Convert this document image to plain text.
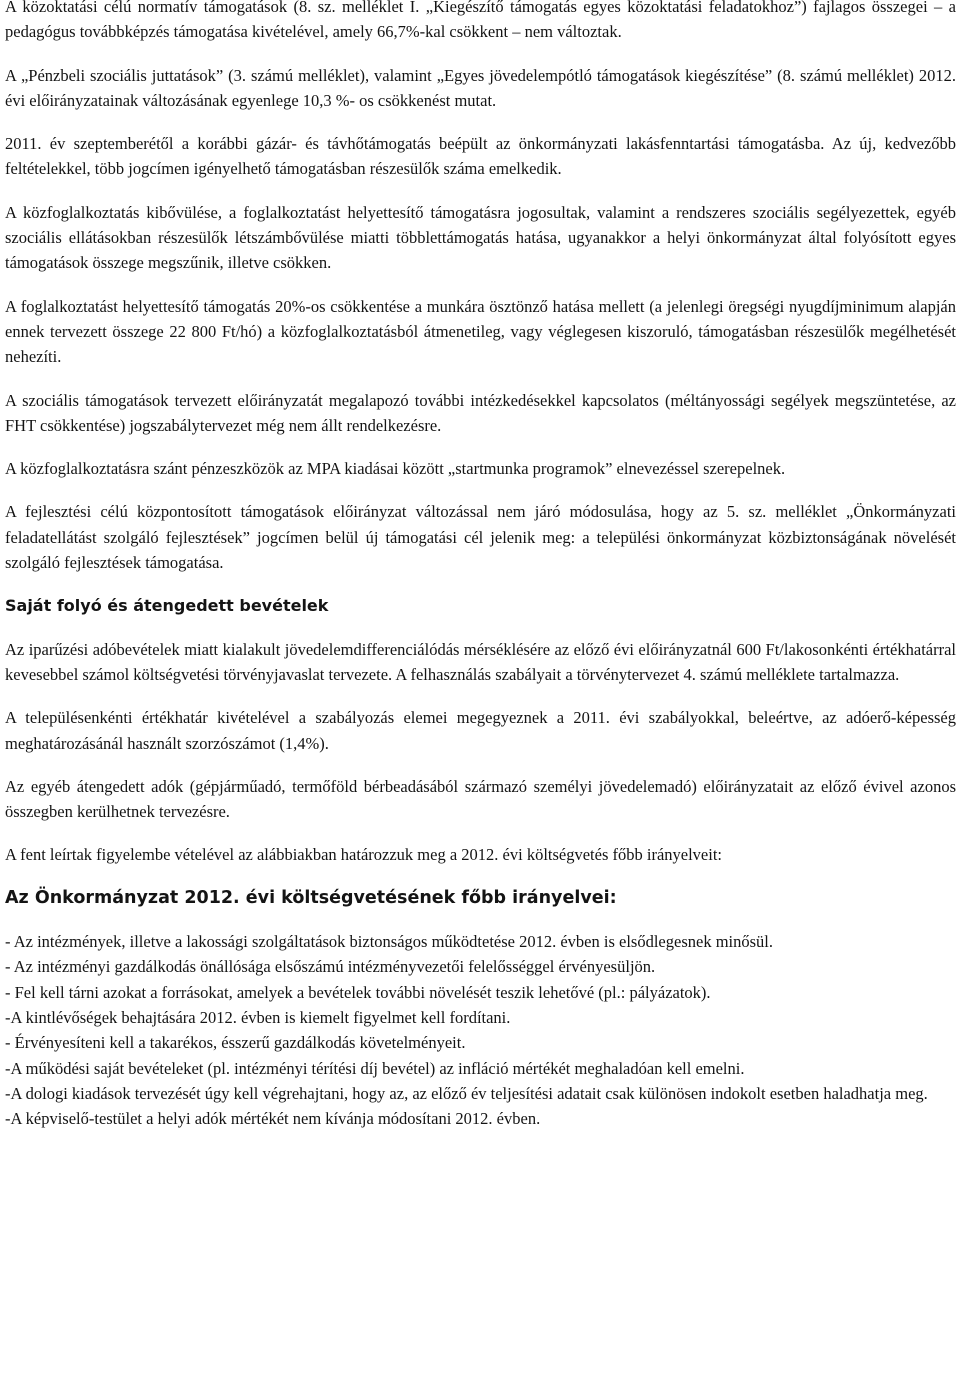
A közoktatási célú normatív támogatások (8. sz. melléklet I. „Kiegészítő támogatás egyes közoktatási feladatokhoz”) fajlagos összegei – a pedagógus továbbképzés támogatása kivételével, amely 66,7%-kal csökkent – nem változtak.

A „Pénzbeli szociális juttatások” (3. számú melléklet), valamint „Egyes jövedelempótló támogatások kiegészítése” (8. számú melléklet) 2012. évi előirányzatainak változásának egyenlege 10,3 %- os csökkenést mutat.

2011. év szeptemberétől a korábbi gázár- és távhőtámogatás beépült az önkormányzati lakásfenntartási támogatásba. Az új, kedvezőbb feltételekkel, több jogcímen igényelhető támogatásban részesülők száma emelkedik.

A közfoglalkoztatás kibővülése, a foglalkoztatást helyettesítő támogatásra jogosultak, valamint a rendszeres szociális segélyezettek, egyéb szociális ellátásokban részesülők létszámbővülése miatti többlettámogatás hatása, ugyanakkor a helyi önkormányzat által folyósított egyes támogatások összege megszűnik, illetve csökken.

A foglalkoztatást helyettesítő támogatás 20%-os csökkentése a munkára ösztönző hatása mellett (a jelenlegi öregségi nyugdíjminimum alapján ennek tervezett összege 22 800 Ft/hó) a közfoglalkoztatásból átmenetileg, vagy véglegesen kiszoruló, támogatásban részesülők megélhetését nehezíti.

A szociális támogatások tervezett előirányzatát megalapozó további intézkedésekkel kapcsolatos (méltányossági segélyek megszüntetése, az FHT csökkentése) jogszabálytervezet még nem állt rendelkezésre.

A közfoglalkoztatásra szánt pénzeszközök az MPA kiadásai között „startmunka programok” elnevezéssel szerepelnek.

A fejlesztési célú központosított támogatások előirányzat változással nem járó módosulása, hogy az 5. sz. melléklet „Önkormányzati feladatellátást szolgáló fejlesztések” jogcímen belül új támogatási cél jelenik meg: a települési önkormányzat közbiztonságának növelését szolgáló fejlesztések támogatása.

Saját folyó és átengedett bevételek

Az iparűzési adóbevételek miatt kialakult jövedelemdifferenciálódás mérséklésére az előző évi előirányzatnál 600 Ft/lakosonkénti értékhatárral kevesebbel számol költségvetési törvényjavaslat tervezete. A felhasználás szabályait a törvénytervezet 4. számú melléklete tartalmazza.

A településenkénti értékhatár kivételével a szabályozás elemei megegyeznek a 2011. évi szabályokkal, beleértve, az adóerő-képesség meghatározásánál használt szorzószámot (1,4%).

Az egyéb átengedett adók (gépjárműadó, termőföld bérbeadásából származó személyi jövedelemadó) előirányzatait az előző évivel azonos összegben kerülhetnek tervezésre.

A fent leírtak figyelembe vételével az alábbiakban határozzuk meg a 2012. évi költségvetés főbb irányelveit:

Az Önkormányzat 2012. évi költségvetésének főbb irányelvei:
- Az intézmények, illetve a lakossági szolgáltatások biztonságos működtetése 2012. évben is elsődlegesnek minősül.
- Az intézményi gazdálkodás önállósága elsőszámú intézményvezetői felelősséggel érvényesüljön.
- Fel kell tárni azokat a forrásokat, amelyek a bevételek további növelését teszik lehetővé (pl.: pályázatok).
-A kintlévőségek behajtására 2012. évben is kiemelt figyelmet kell fordítani.
- Érvényesíteni kell a takarékos, ésszerű gazdálkodás követelményeit.
-A működési saját bevételeket (pl. intézményi térítési díj bevétel) az infláció mértékét meghaladóan kell emelni.
-A dologi kiadások tervezését úgy kell végrehajtani, hogy az, az előző év teljesítési adatait csak különösen indokolt esetben haladhatja meg.
-A képviselő-testület a helyi adók mértékét nem kívánja módosítani 2012. évben.
